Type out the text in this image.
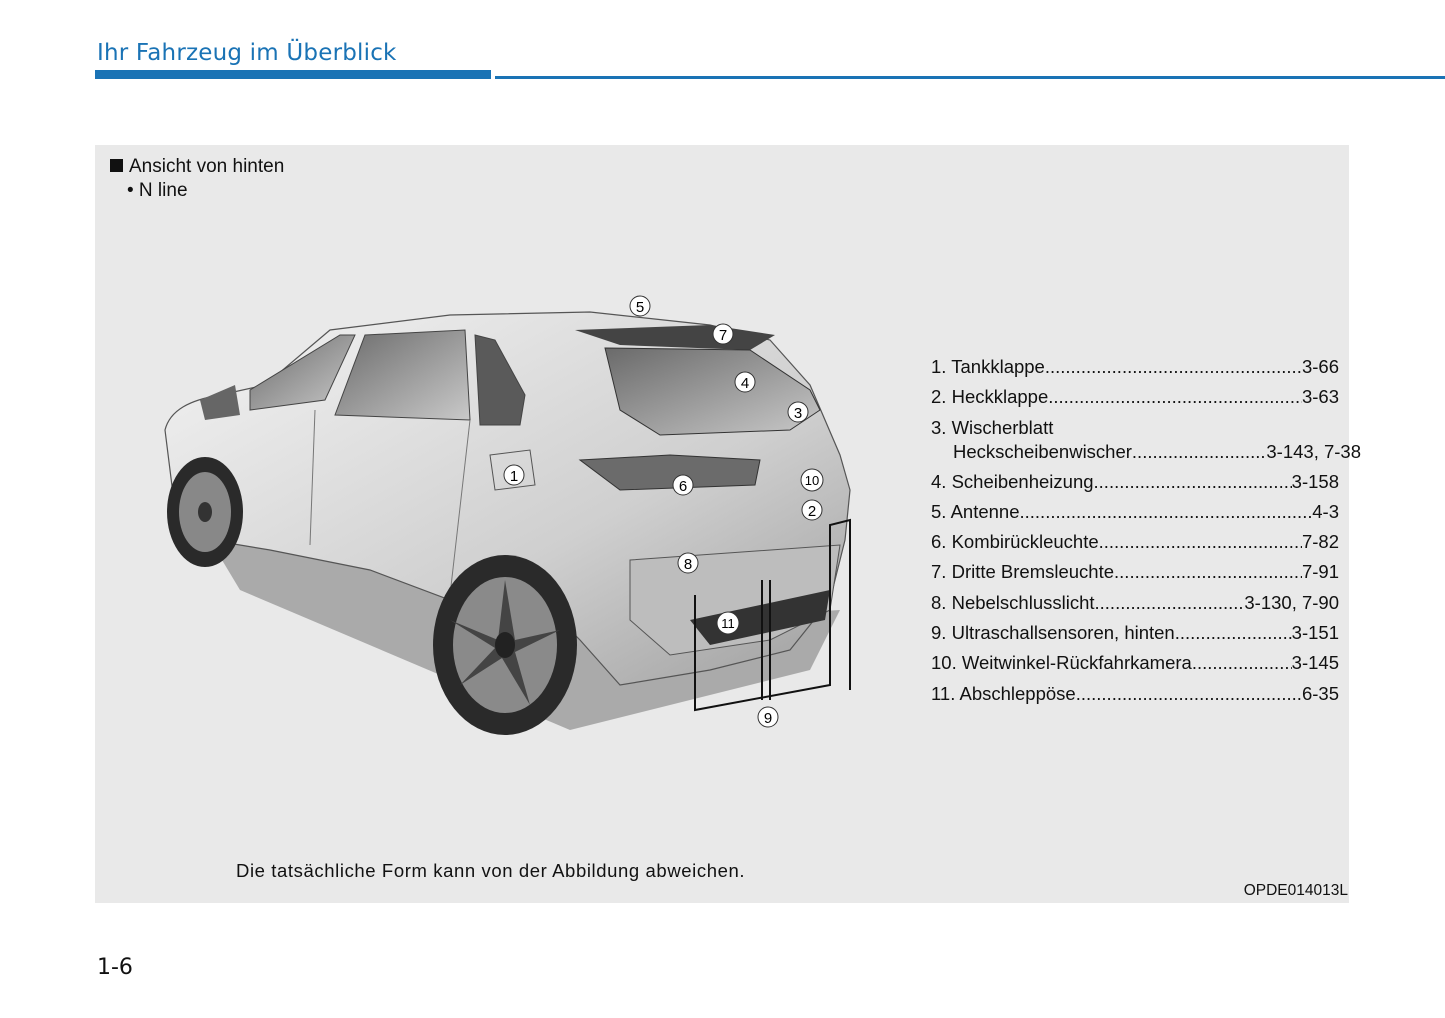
Ihr Fahrzeug im Überblick
Ansicht von hinten
• N line
1
2
3
4
5
6
7
8
9
10
11
1. Tankklappe .....	3-66
2. Heckklappe .....	3-63
3. Wischerblatt
Heckscheibenwischer .....	3-143, 7-38
4. Scheibenheizung .....	3-158
5. Antenne .....	4-3
6. Kombirückleuchte .....	7-82
7. Dritte Bremsleuchte .....	7-91
8. Nebelschlusslicht .....	3-130, 7-90
9. Ultraschallsensoren, hinten .....	3-151
10. Weitwinkel-Rückfahrkamera .....	3-145
11. Abschleppöse .....	6-35
Die tatsächliche Form kann von der Abbildung abweichen.
OPDE014013L
1-6
